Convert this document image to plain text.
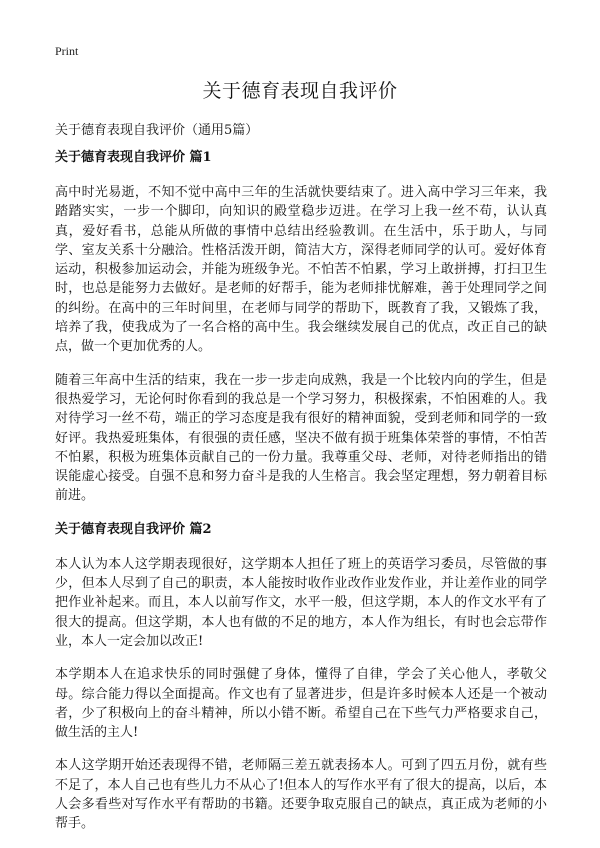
Print
关于德育表现自我评价
关于德育表现自我评价（通用5篇）
关于德育表现自我评价 篇1

高中时光易逝，不知不觉中高中三年的生活就快要结束了。进入高中学习三年来，我踏踏实实，一步一个脚印，向知识的殿堂稳步迈进。在学习上我一丝不苟，认认真真，爱好看书，总能从所做的事情中总结出经验教训。在生活中，乐于助人，与同学、室友关系十分融洽。性格活泼开朗，简洁大方，深得老师同学的认可。爱好体育运动，积极参加运动会，并能为班级争光。不怕苦不怕累，学习上敢拼搏，打扫卫生时，也总是能努力去做好。是老师的好帮手，能为老师排忧解难，善于处理同学之间的纠纷。在高中的三年时间里，在老师与同学的帮助下，既教育了我，又锻炼了我，培养了我，使我成为了一名合格的高中生。我会继续发展自己的优点，改正自己的缺点，做一个更加优秀的人。

随着三年高中生活的结束，我在一步一步走向成熟，我是一个比较内向的学生，但是很热爱学习，无论何时你看到的我总是一个学习努力，积极探索，不怕困难的人。我对待学习一丝不苟，端正的学习态度是我有很好的精神面貌，受到老师和同学的一致好评。我热爱班集体，有很强的责任感，坚决不做有损于班集体荣誉的事情，不怕苦不怕累，积极为班集体贡献自己的一份力量。我尊重父母、老师，对待老师指出的错误能虚心接受。自强不息和努力奋斗是我的人生格言。我会坚定理想，努力朝着目标前进。

关于德育表现自我评价 篇2

本人认为本人这学期表现很好，这学期本人担任了班上的英语学习委员，尽管做的事少，但本人尽到了自己的职责，本人能按时收作业改作业发作业，并让差作业的同学把作业补起来。而且，本人以前写作文，水平一般，但这学期，本人的作文水平有了很大的提高。但这学期，本人也有做的不足的地方，本人作为组长，有时也会忘带作业，本人一定会加以改正!

本学期本人在追求快乐的同时强健了身体，懂得了自律，学会了关心他人，孝敬父母。综合能力得以全面提高。作文也有了显著进步，但是许多时候本人还是一个被动者，少了积极向上的奋斗精神，所以小错不断。希望自己在下些气力严格要求自己，做生活的主人!

本人这学期开始还表现得不错，老师隔三差五就表扬本人。可到了四五月份，就有些不足了，本人自己也有些儿力不从心了!但本人的写作水平有了很大的提高，以后，本人会多看些对写作水平有帮助的书籍。还要争取克服自己的缺点，真正成为老师的小帮手。
